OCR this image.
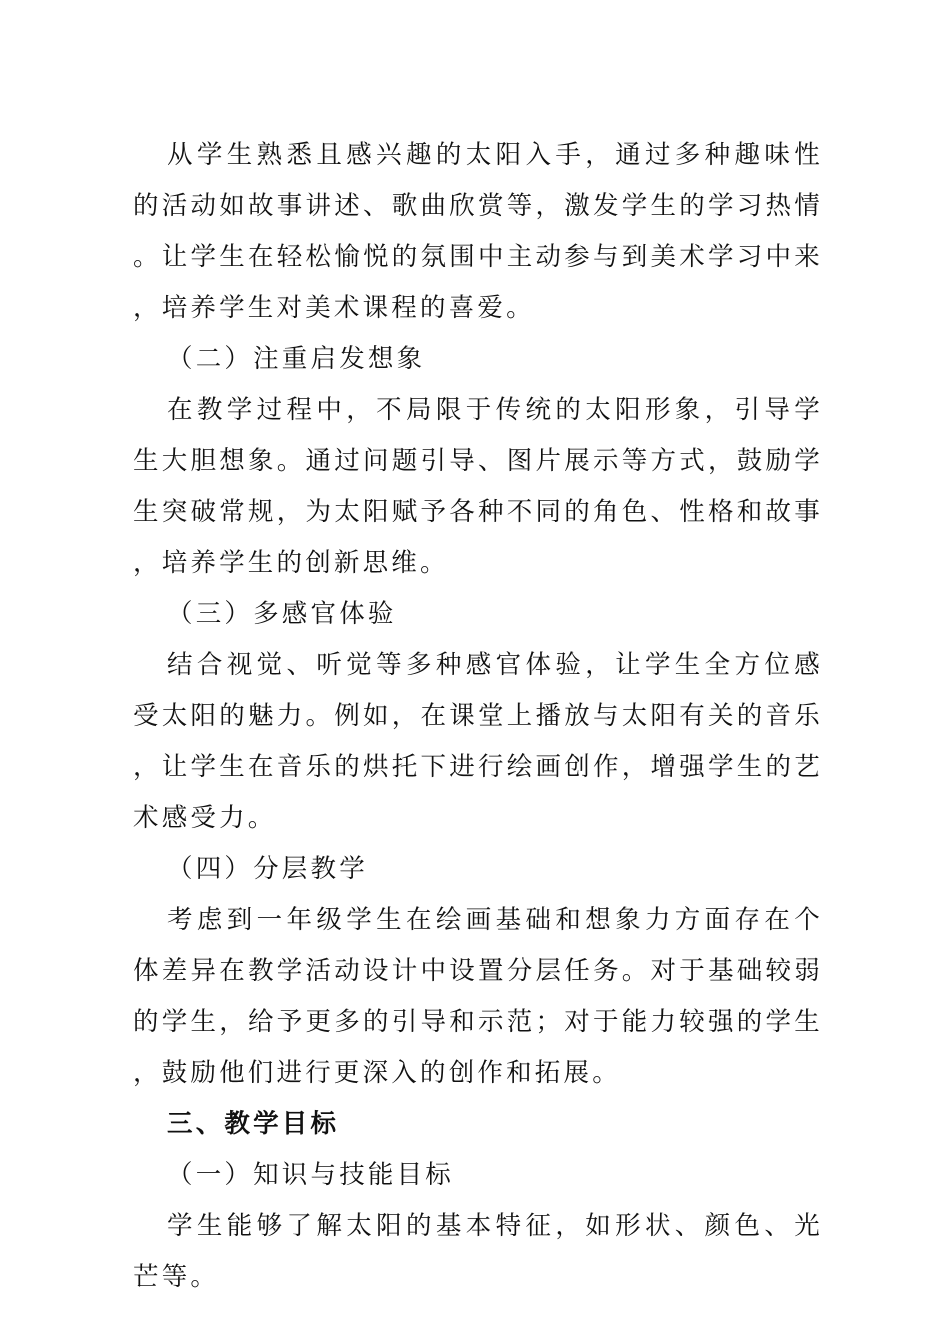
从学生熟悉且感兴趣的太阳入手，通过多种趣味性的活动如故事讲述、歌曲欣赏等，激发学生的学习热情。让学生在轻松愉悦的氛围中主动参与到美术学习中来，培养学生对美术课程的喜爱。

（二）注重启发想象

在教学过程中，不局限于传统的太阳形象，引导学生大胆想象。通过问题引导、图片展示等方式，鼓励学生突破常规，为太阳赋予各种不同的角色、性格和故事，培养学生的创新思维。

（三）多感官体验

结合视觉、听觉等多种感官体验，让学生全方位感受太阳的魅力。例如，在课堂上播放与太阳有关的音乐，让学生在音乐的烘托下进行绘画创作，增强学生的艺术感受力。

（四）分层教学

考虑到一年级学生在绘画基础和想象力方面存在个体差异在教学活动设计中设置分层任务。对于基础较弱的学生，给予更多的引导和示范；对于能力较强的学生，鼓励他们进行更深入的创作和拓展。

三、教学目标

（一）知识与技能目标

学生能够了解太阳的基本特征，如形状、颜色、光芒等。
